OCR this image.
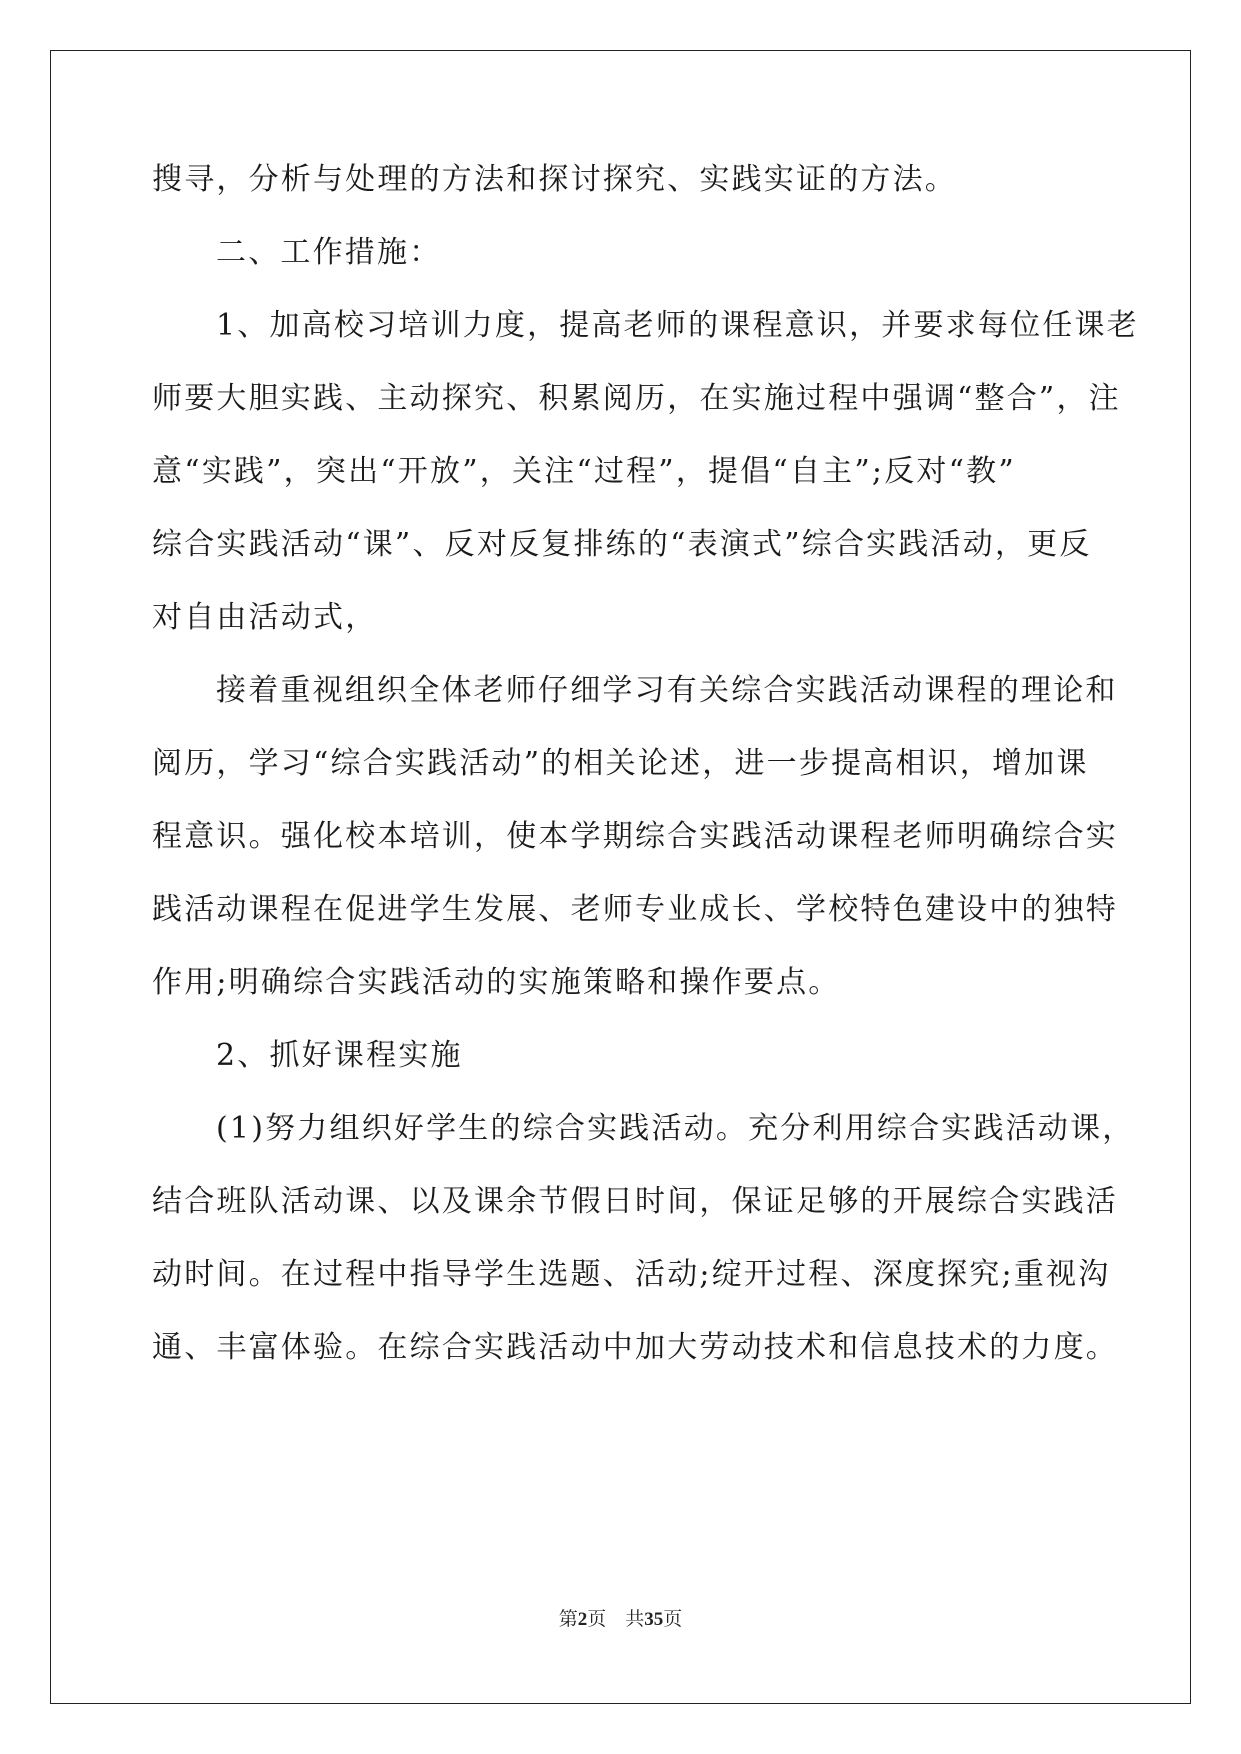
搜寻，分析与处理的方法和探讨探究、实践实证的方法。
二、工作措施：
1、加高校习培训力度，提高老师的课程意识，并要求每位任课老
师要大胆实践、主动探究、积累阅历，在实施过程中强调“整合”，注
意“实践”，突出“开放”，关注“过程”，提倡“自主”;反对“教”
综合实践活动“课”、反对反复排练的“表演式”综合实践活动，更反
对自由活动式，
接着重视组织全体老师仔细学习有关综合实践活动课程的理论和
阅历，学习“综合实践活动”的相关论述，进一步提高相识，增加课
程意识。强化校本培训，使本学期综合实践活动课程老师明确综合实
践活动课程在促进学生发展、老师专业成长、学校特色建设中的独特
作用;明确综合实践活动的实施策略和操作要点。
2、抓好课程实施
(1)努力组织好学生的综合实践活动。充分利用综合实践活动课，
结合班队活动课、以及课余节假日时间，保证足够的开展综合实践活
动时间。在过程中指导学生选题、活动;绽开过程、深度探究;重视沟
通、丰富体验。在综合实践活动中加大劳动技术和信息技术的力度。
第2页 共35页
